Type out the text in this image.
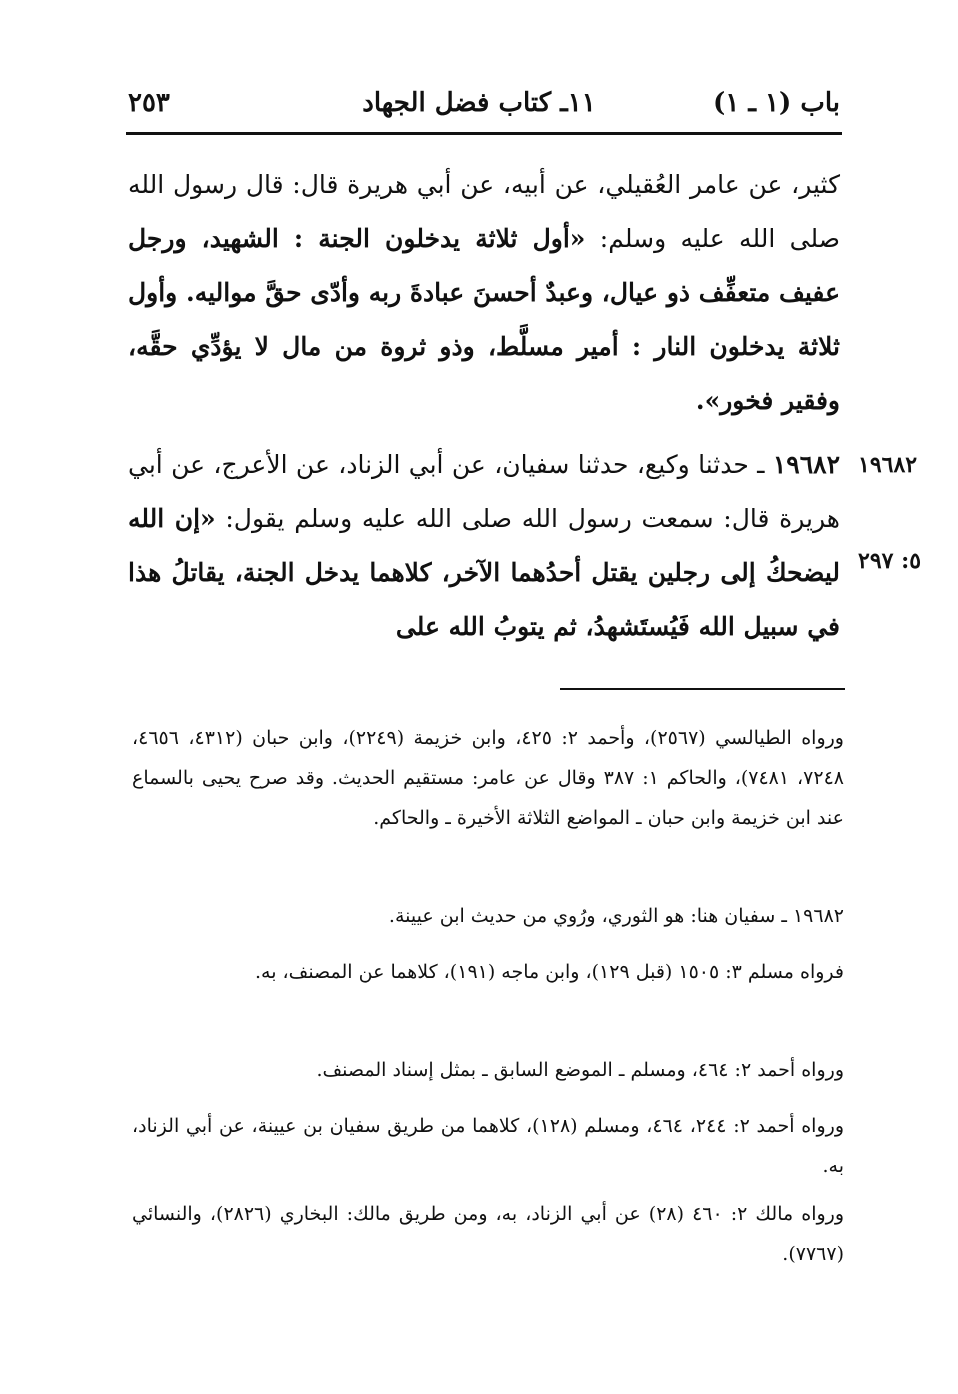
باب (١ ـ ١)
١١ـ كتاب فضل الجهاد
٢٥٣

كثير، عن عامر العُقيلي، عن أبيه، عن أبي هريرة قال: قال رسول الله صلى الله عليه وسلم: «أول ثلاثة يدخلون الجنة : الشهيد، ورجل عفيف متعفِّف ذو عيال، وعبدٌ أحسنَ عبادةَ ربه وأدّى حقَّ مواليه. وأول ثلاثة يدخلون النار : أمير مسلَّط، وذو ثروة من مال لا يؤدِّي حقَّه، وفقير فخور».

١٩٦٨٢
٥: ٢٩٧

١٩٦٨٢ ـ حدثنا وكيع، حدثنا سفيان، عن أبي الزناد، عن الأعرج، عن أبي هريرة قال: سمعت رسول الله صلى الله عليه وسلم يقول: «إن الله ليضحكُ إلى رجلين يقتل أحدُهما الآخر، كلاهما يدخل الجنة، يقاتلُ هذا في سبيل الله فَيُستَشهدُ، ثم يتوبُ الله على

ورواه الطيالسي (٢٥٦٧)، وأحمد ٢: ٤٢٥، وابن خزيمة (٢٢٤٩)، وابن حبان (٤٣١٢، ٤٦٥٦، ٧٢٤٨، ٧٤٨١)، والحاكم ١: ٣٨٧ وقال عن عامر: مستقيم الحديث. وقد صرح يحيى بالسماع عند ابن خزيمة وابن حبان ـ المواضع الثلاثة الأخيرة ـ والحاكم.
١٩٦٨٢ ـ سفيان هنا: هو الثوري، ورُوي من حديث ابن عيينة.
فرواه مسلم ٣: ١٥٠٥ (قبل ١٢٩)، وابن ماجه (١٩١)، كلاهما عن المصنف، به.
ورواه أحمد ٢: ٤٦٤، ومسلم ـ الموضع السابق ـ بمثل إسناد المصنف.
ورواه أحمد ٢: ٢٤٤، ٤٦٤، ومسلم (١٢٨)، كلاهما من طريق سفيان بن عيينة، عن أبي الزناد، به.
ورواه مالك ٢: ٤٦٠ (٢٨) عن أبي الزناد، به، ومن طريق مالك: البخاري (٢٨٢٦)، والنسائي (٧٧٦٧).
